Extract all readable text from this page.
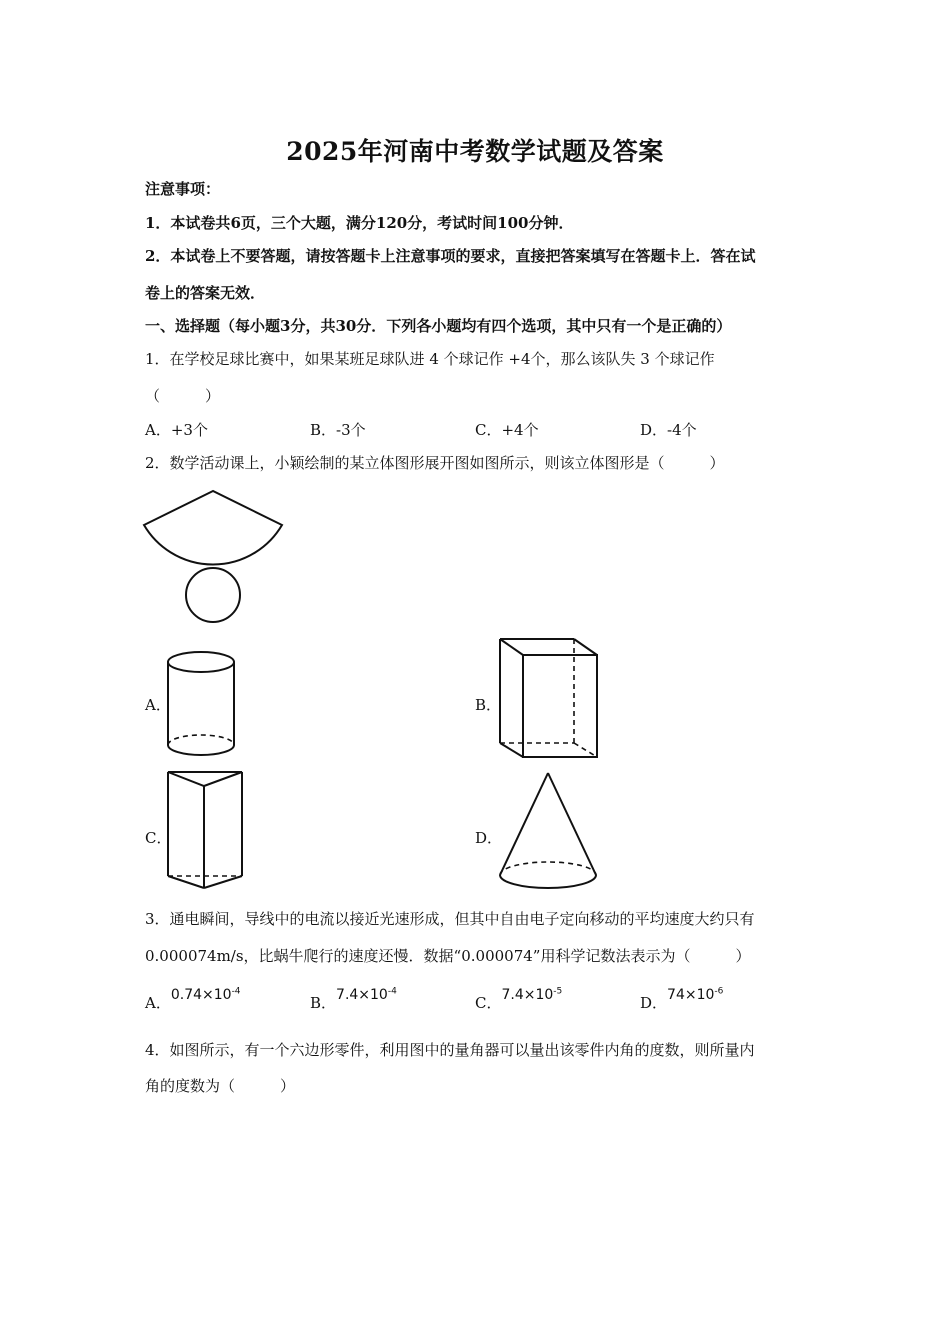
2025年河南中考数学试题及答案
注意事项：
1．本试卷共6页，三个大题，满分120分，考试时间100分钟．
2．本试卷上不要答题，请按答题卡上注意事项的要求，直接把答案填写在答题卡上．答在试
卷上的答案无效．
一、选择题（每小题3分，共30分．下列各小题均有四个选项，其中只有一个是正确的）
1．在学校足球比赛中，如果某班足球队进 4 个球记作 +4个，那么该队失 3 个球记作
（　　　）
A．+3个	B．-3个	C．+4个	D．-4个
2．数学活动课上，小颖绘制的某立体图形展开图如图所示，则该立体图形是（　　　）
A．	B．
C．	D．
3．通电瞬间，导线中的电流以接近光速形成，但其中自由电子定向移动的平均速度大约只有
0.000074m/s，比蜗牛爬行的速度还慢．数据“0.000074”用科学记数法表示为（　　　）
A．$0.74\times 10^{-4}$
B．$7.4\times 10^{-4}$
C．$7.4\times 10^{-5}$
D．$74\times 10^{-6}$
4．如图所示，有一个六边形零件，利用图中的量角器可以量出该零件内角的度数，则所量内
角的度数为（　　　）
